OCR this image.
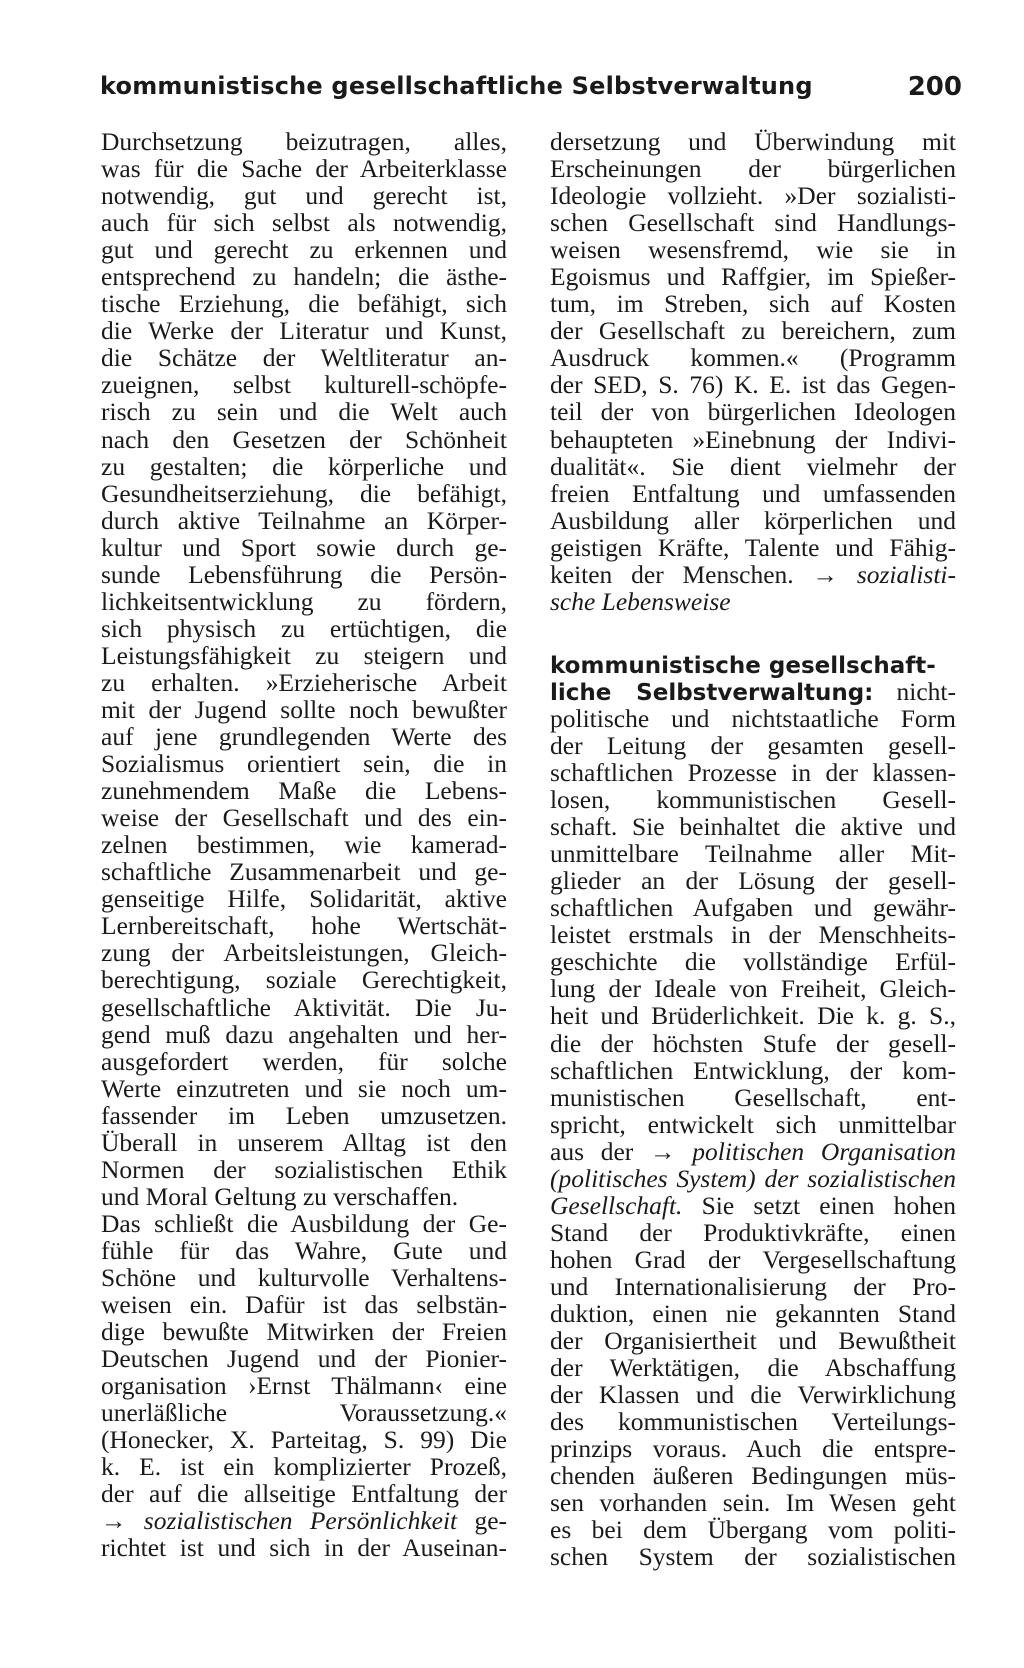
kommunistische gesellschaftliche Selbstverwaltung	200
Durchsetzung beizutragen, alles,
was für die Sache der Arbeiterklasse
notwendig, gut und gerecht ist,
auch für sich selbst als notwendig,
gut und gerecht zu erkennen und
entsprechend zu handeln; die ästhe-
tische Erziehung, die befähigt, sich
die Werke der Literatur und Kunst,
die Schätze der Weltliteratur an-
zueignen, selbst kulturell-schöpfe-
risch zu sein und die Welt auch
nach den Gesetzen der Schönheit
zu gestalten; die körperliche und
Gesundheitserziehung, die befähigt,
durch aktive Teilnahme an Körper-
kultur und Sport sowie durch ge-
sunde Lebensführung die Persön-
lichkeitsentwicklung zu fördern,
sich physisch zu ertüchtigen, die
Leistungsfähigkeit zu steigern und
zu erhalten. »Erzieherische Arbeit
mit der Jugend sollte noch bewußter
auf jene grundlegenden Werte des
Sozialismus orientiert sein, die in
zunehmendem Maße die Lebens-
weise der Gesellschaft und des ein-
zelnen bestimmen, wie kamerad-
schaftliche Zusammenarbeit und ge-
genseitige Hilfe, Solidarität, aktive
Lernbereitschaft, hohe Wertschät-
zung der Arbeitsleistungen, Gleich-
berechtigung, soziale Gerechtigkeit,
gesellschaftliche Aktivität. Die Ju-
gend muß dazu angehalten und her-
ausgefordert werden, für solche
Werte einzutreten und sie noch um-
fassender im Leben umzusetzen.
Überall in unserem Alltag ist den
Normen der sozialistischen Ethik
und Moral Geltung zu verschaffen.
Das schließt die Ausbildung der Ge-
fühle für das Wahre, Gute und
Schöne und kulturvolle Verhaltens-
weisen ein. Dafür ist das selbstän-
dige bewußte Mitwirken der Freien
Deutschen Jugend und der Pionier-
organisation ›Ernst Thälmann‹ eine
unerläßliche Voraussetzung.«
(Honecker, X. Parteitag, S. 99) Die
k. E. ist ein komplizierter Prozeß,
der auf die allseitige Entfaltung der
→ sozialistischen Persönlichkeit ge-
richtet ist und sich in der Auseinan-
dersetzung und Überwindung mit
Erscheinungen der bürgerlichen
Ideologie vollzieht. »Der sozialisti-
schen Gesellschaft sind Handlungs-
weisen wesensfremd, wie sie in
Egoismus und Raffgier, im Spießer-
tum, im Streben, sich auf Kosten
der Gesellschaft zu bereichern, zum
Ausdruck kommen.« (Programm
der SED, S. 76) K. E. ist das Gegen-
teil der von bürgerlichen Ideologen
behaupteten »Einebnung der Indivi-
dualität«. Sie dient vielmehr der
freien Entfaltung und umfassenden
Ausbildung aller körperlichen und
geistigen Kräfte, Talente und Fähig-
keiten der Menschen. → sozialisti-
sche Lebensweise
kommunistische gesellschaft-
liche Selbstverwaltung: nicht-
politische und nichtstaatliche Form
der Leitung der gesamten gesell-
schaftlichen Prozesse in der klassen-
losen, kommunistischen Gesell-
schaft. Sie beinhaltet die aktive und
unmittelbare Teilnahme aller Mit-
glieder an der Lösung der gesell-
schaftlichen Aufgaben und gewähr-
leistet erstmals in der Menschheits-
geschichte die vollständige Erfül-
lung der Ideale von Freiheit, Gleich-
heit und Brüderlichkeit. Die k. g. S.,
die der höchsten Stufe der gesell-
schaftlichen Entwicklung, der kom-
munistischen Gesellschaft, ent-
spricht, entwickelt sich unmittelbar
aus der → politischen Organisation
(politisches System) der sozialistischen
Gesellschaft. Sie setzt einen hohen
Stand der Produktivkräfte, einen
hohen Grad der Vergesellschaftung
und Internationalisierung der Pro-
duktion, einen nie gekannten Stand
der Organisiertheit und Bewußtheit
der Werktätigen, die Abschaffung
der Klassen und die Verwirklichung
des kommunistischen Verteilungs-
prinzips voraus. Auch die entspre-
chenden äußeren Bedingungen müs-
sen vorhanden sein. Im Wesen geht
es bei dem Übergang vom politi-
schen System der sozialistischen
